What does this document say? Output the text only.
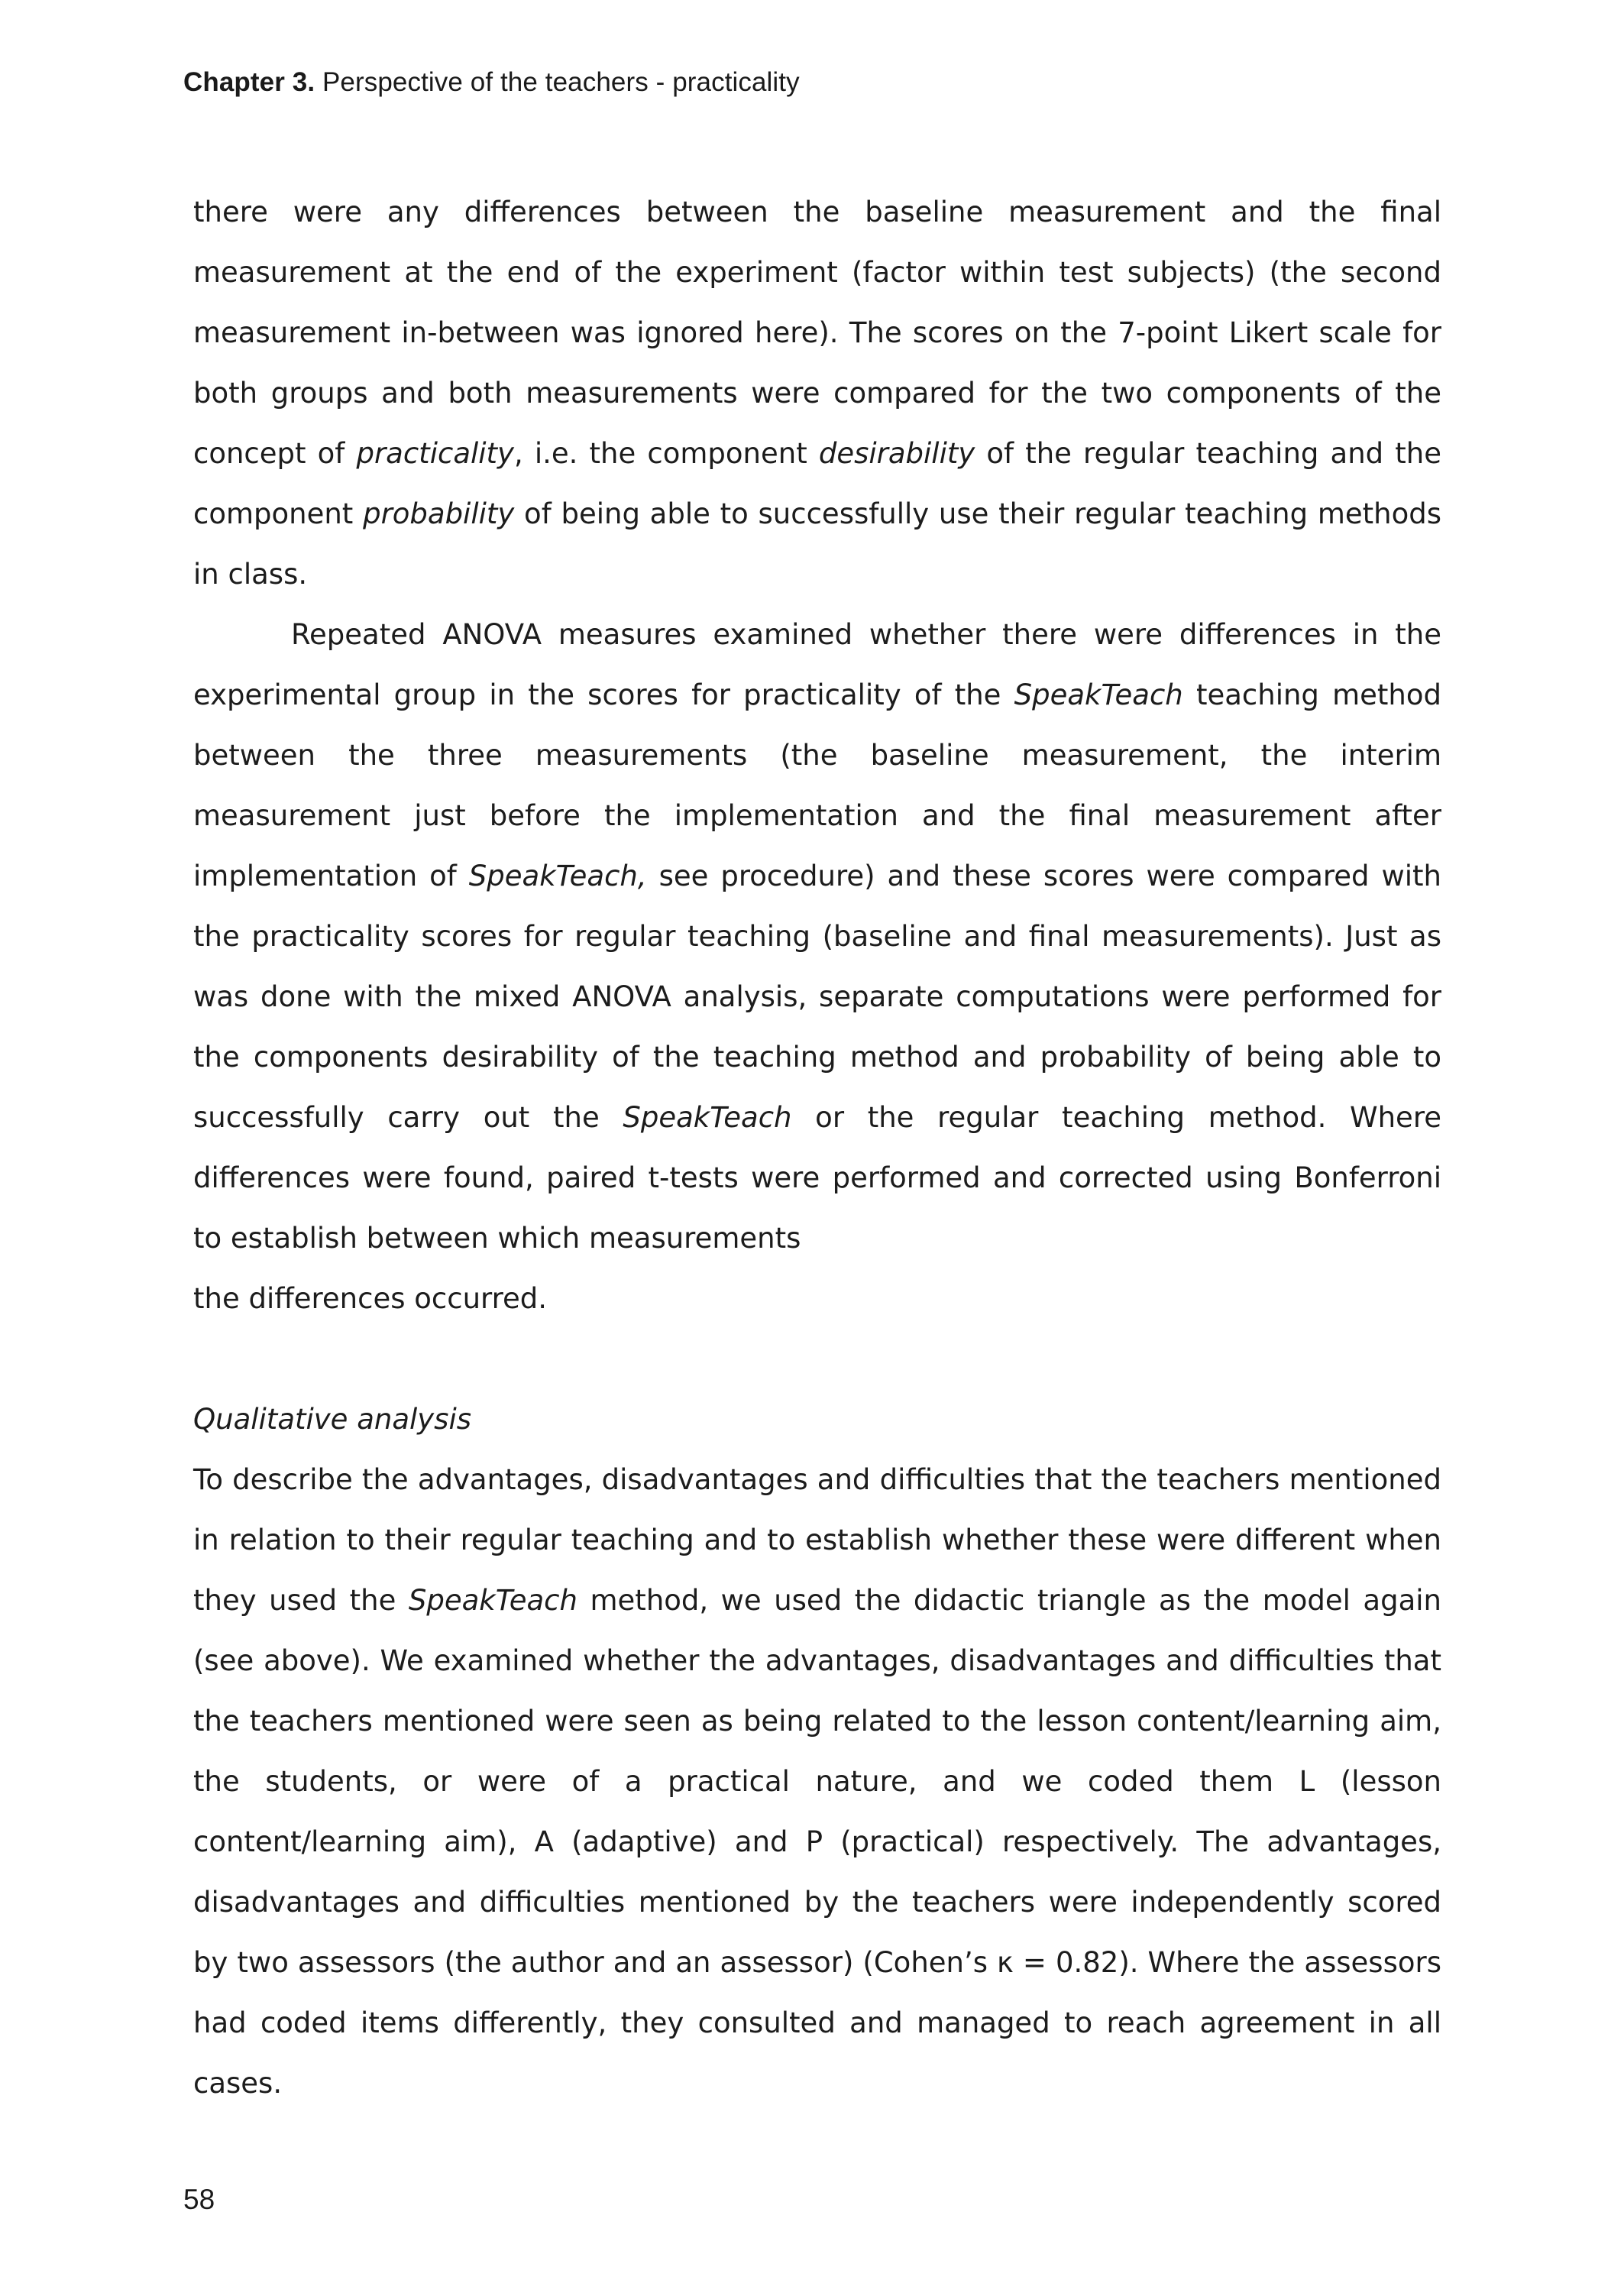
Chapter 3. Perspective of the teachers - practicality

there were any differences between the baseline measurement and the final measurement at the end of the experiment (factor within test subjects) (the second measurement in-between was ignored here). The scores on the 7-point Likert scale for both groups and both measurements were compared for the two components of the concept of practicality, i.e. the component desirability of the regular teaching and the component probability of being able to successfully use their regular teaching methods in class.

Repeated ANOVA measures examined whether there were differences in the experimental group in the scores for practicality of the SpeakTeach teaching method between the three measurements (the baseline measurement, the interim measurement just before the implementation and the final measurement after implementation of SpeakTeach, see procedure) and these scores were compared with the practicality scores for regular teaching (baseline and final measurements). Just as was done with the mixed ANOVA analysis, separate computations were performed for the components desirability of the teaching method and probability of being able to successfully carry out the SpeakTeach or the regular teaching method. Where differences were found, paired t-tests were performed and corrected using Bonferroni to establish between which measurements

the differences occurred.

Qualitative analysis

To describe the advantages, disadvantages and difficulties that the teachers mentioned in relation to their regular teaching and to establish whether these were different when they used the SpeakTeach method, we used the didactic triangle as the model again (see above). We examined whether the advantages, disadvantages and difficulties that the teachers mentioned were seen as being related to the lesson content/learning aim, the students, or were of a practical nature, and we coded them L (lesson content/learning aim), A (adaptive) and P (practical) respectively. The advantages, disadvantages and difficulties mentioned by the teachers were independently scored by two assessors (the author and an assessor) (Cohen’s κ = 0.82). Where the assessors had coded items differently, they consulted and managed to reach agreement in all cases.

58
